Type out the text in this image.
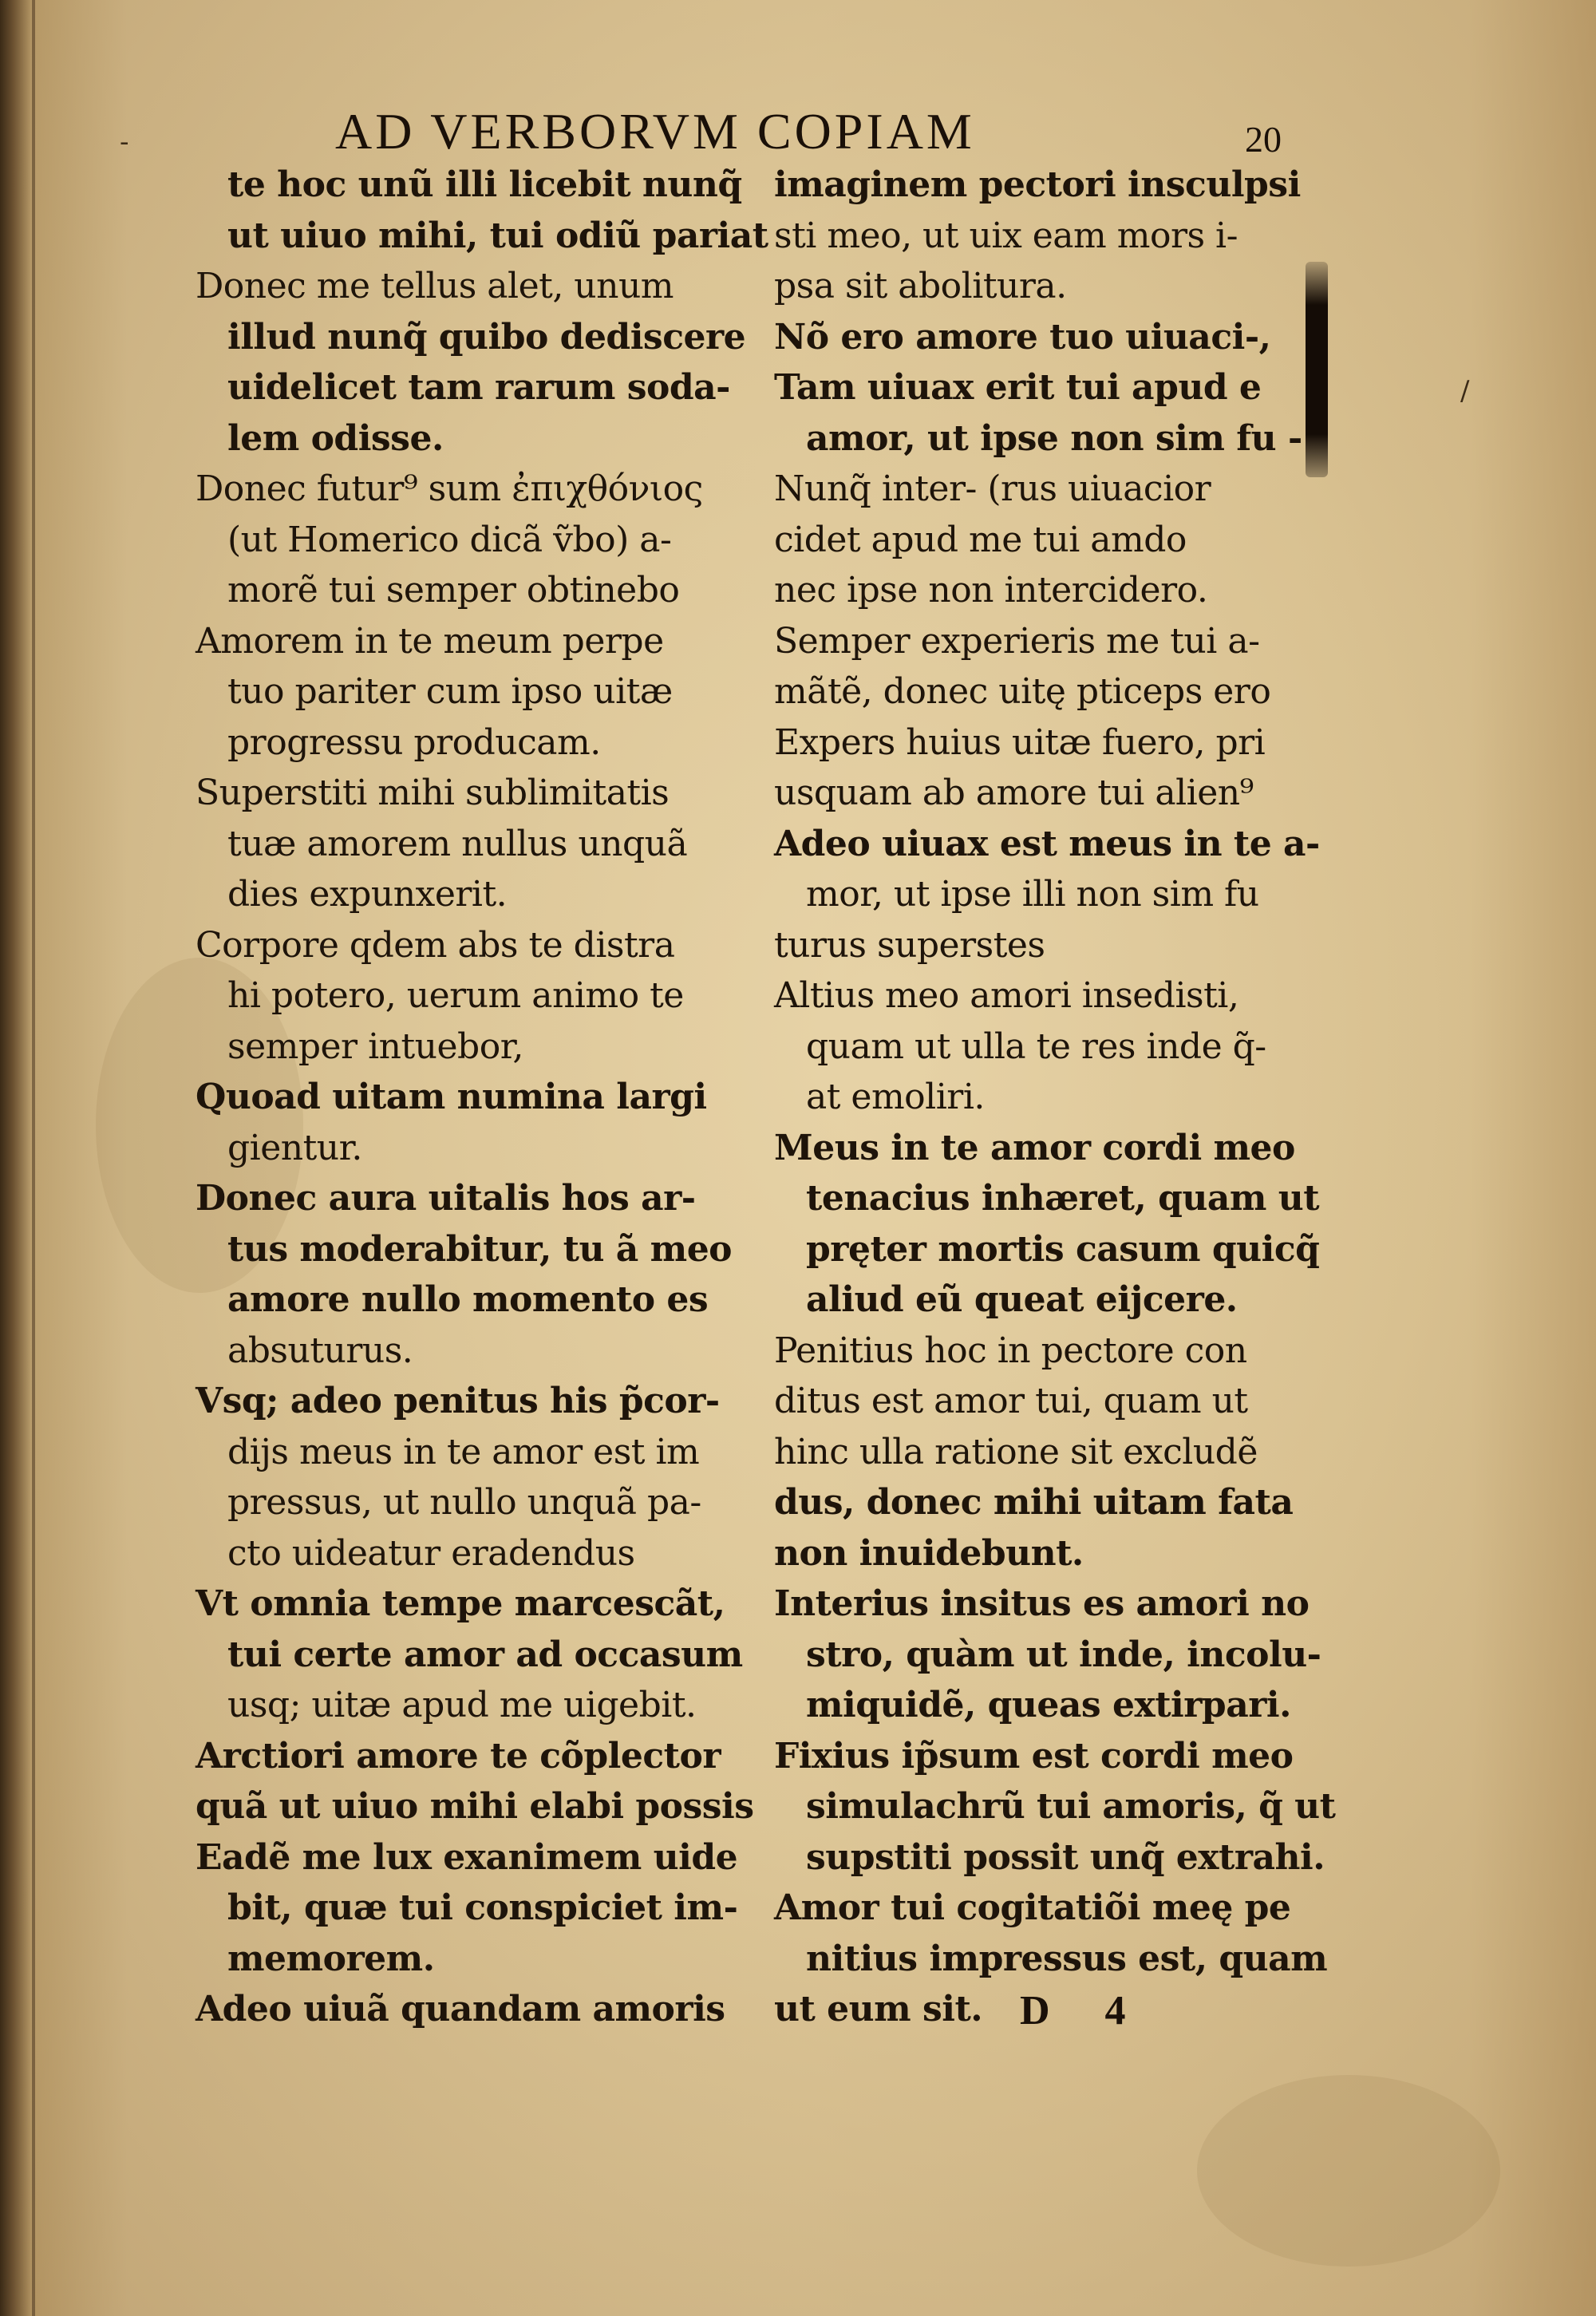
AD VERBORVM COPIAM	20
te hoc unũ illi licebit nunq̃
ut uiuo mihi, tui odiũ pariat
Donec me tellus alet, unum
illud nunq̃ quibo dediscere
uidelicet tam rarum soda-
lem odisse.
Donec futur⁹ sum ἐπιχθόνιος
(ut Homerico dicã ṽbo) a-
morẽ tui semper obtinebo
Amorem in te meum perpe
tuo pariter cum ipso uitæ
progressu producam.
Superstiti mihi sublimitatis
tuæ amorem nullus unquã
dies expunxerit.
Corpore qdem abs te distra
hi potero, uerum animo te
semper intuebor,
Quoad uitam numina largi
gientur.
Donec aura uitalis hos ar-
tus moderabitur, tu ã meo
amore nullo momento es
absuturus.
Vsq; adeo penitus his p̃cor-
dijs meus in te amor est im
pressus, ut nullo unquã pa-
cto uideatur eradendus
Vt omnia tempe marcescãt,
tui certe amor ad occasum
usq; uitæ apud me uigebit.
Arctiori amore te cõplector
quã ut uiuo mihi elabi possis
Eadẽ me lux exanimem uide
bit, quæ tui conspiciet im-
memorem.
Adeo uiuã quandam amoris
imaginem pectori insculpsi
sti meo, ut uix eam mors i-
psa sit abolitura.
Nõ ero amore tuo uiuaci-,
Tam uiuax erit tui apud e
amor, ut ipse non sim fu -
Nunq̃ inter- (rus uiuacior
cidet apud me tui amdo
nec ipse non intercidero.
Semper experieris me tui a-
mãtẽ, donec uitę pticeps ero
Expers huius uitæ fuero, pri
usquam ab amore tui alien⁹
Adeo uiuax est meus in te a-
mor, ut ipse illi non sim fu
turus superstes
Altius meo amori insedisti,
quam ut ulla te res inde q̃-
at emoliri.
Meus in te amor cordi meo
tenacius inhæret, quam ut
pręter mortis casum quicq̃
aliud eũ queat eijcere.
Penitius hoc in pectore con
ditus est amor tui, quam ut
hinc ulla ratione sit excludẽ
dus, donec mihi uitam fata
non inuidebunt.
Interius insitus es amori no
stro, quàm ut inde, incolu-
miquidẽ, queas extirpari.
Fixius ip̃sum est cordi meo
simulachrũ tui amoris, q̃ ut
supstiti possit unq̃ extrahi.
Amor tui cogitatiõi meę pe
nitius impressus est, quam
ut eum sit.
-
/
D 4
